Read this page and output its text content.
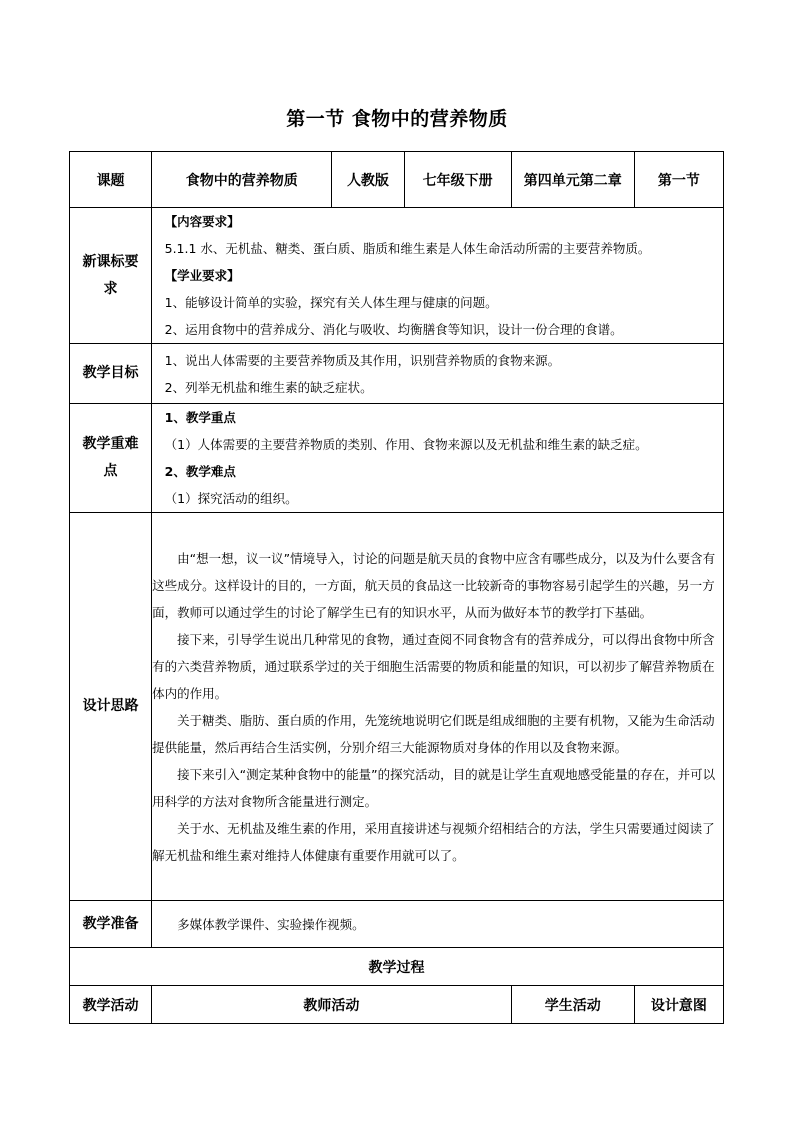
第一节 食物中的营养物质
课题	食物中的营养物质	人教版	七年级下册	第四单元第二章	第一节
新课标要求	【内容要求】

5.1.1 水、无机盐、糖类、蛋白质、脂质和维生素是人体生命活动所需的主要营养物质。

【学业要求】

1、能够设计简单的实验，探究有关人体生理与健康的问题。

2、运用食物中的营养成分、消化与吸收、均衡膳食等知识，设计一份合理的食谱。				

教学目标	1、说出人体需要的主要营养物质及其作用，识别营养物质的食物来源。

2、列举无机盐和维生素的缺乏症状。				

教学重难点	1、教学重点

（1）人体需要的主要营养物质的类别、作用、食物来源以及无机盐和维生素的缺乏症。

2、教学难点

（1）探究活动的组织。				

设计思路	由“想一想，议一议”情境导入，讨论的问题是航天员的食物中应含有哪些成分，以及为什么要含有这些成分。这样设计的目的，一方面，航天员的食品这一比较新奇的事物容易引起学生的兴趣，另一方面，教师可以通过学生的讨论了解学生已有的知识水平，从而为做好本节的教学打下基础。

接下来，引导学生说出几种常见的食物，通过查阅不同食物含有的营养成分，可以得出食物中所含有的六类营养物质，通过联系学过的关于细胞生活需要的物质和能量的知识，可以初步了解营养物质在体内的作用。

关于糖类、脂肪、蛋白质的作用，先笼统地说明它们既是组成细胞的主要有机物，又能为生命活动提供能量，然后再结合生活实例，分别介绍三大能源物质对身体的作用以及食物来源。

接下来引入“测定某种食物中的能量”的探究活动，目的就是让学生直观地感受能量的存在，并可以用科学的方法对食物所含能量进行测定。

关于水、无机盐及维生素的作用，采用直接讲述与视频介绍相结合的方法，学生只需要通过阅读了解无机盐和维生素对维持人体健康有重要作用就可以了。				

教学准备	多媒体教学课件、实验操作视频。				

教学过程					
教学活动	教师活动			学生活动	设计意图
